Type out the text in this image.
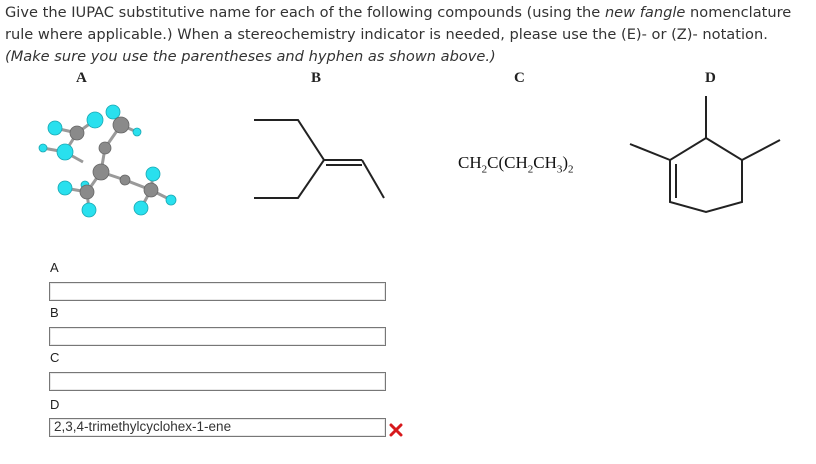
Give the IUPAC substitutive name for each of the following compounds (using the new fangle nomenclature
rule where applicable.) When a stereochemistry indicator is needed, please use the (E)- or (Z)- notation.
(Make sure you use the parentheses and hyphen as shown above.)
A	B	C	D
$CH_2C(CH_2CH_3)_2$
A
B
C
D
2,3,4-trimethylcyclohex-1-ene
